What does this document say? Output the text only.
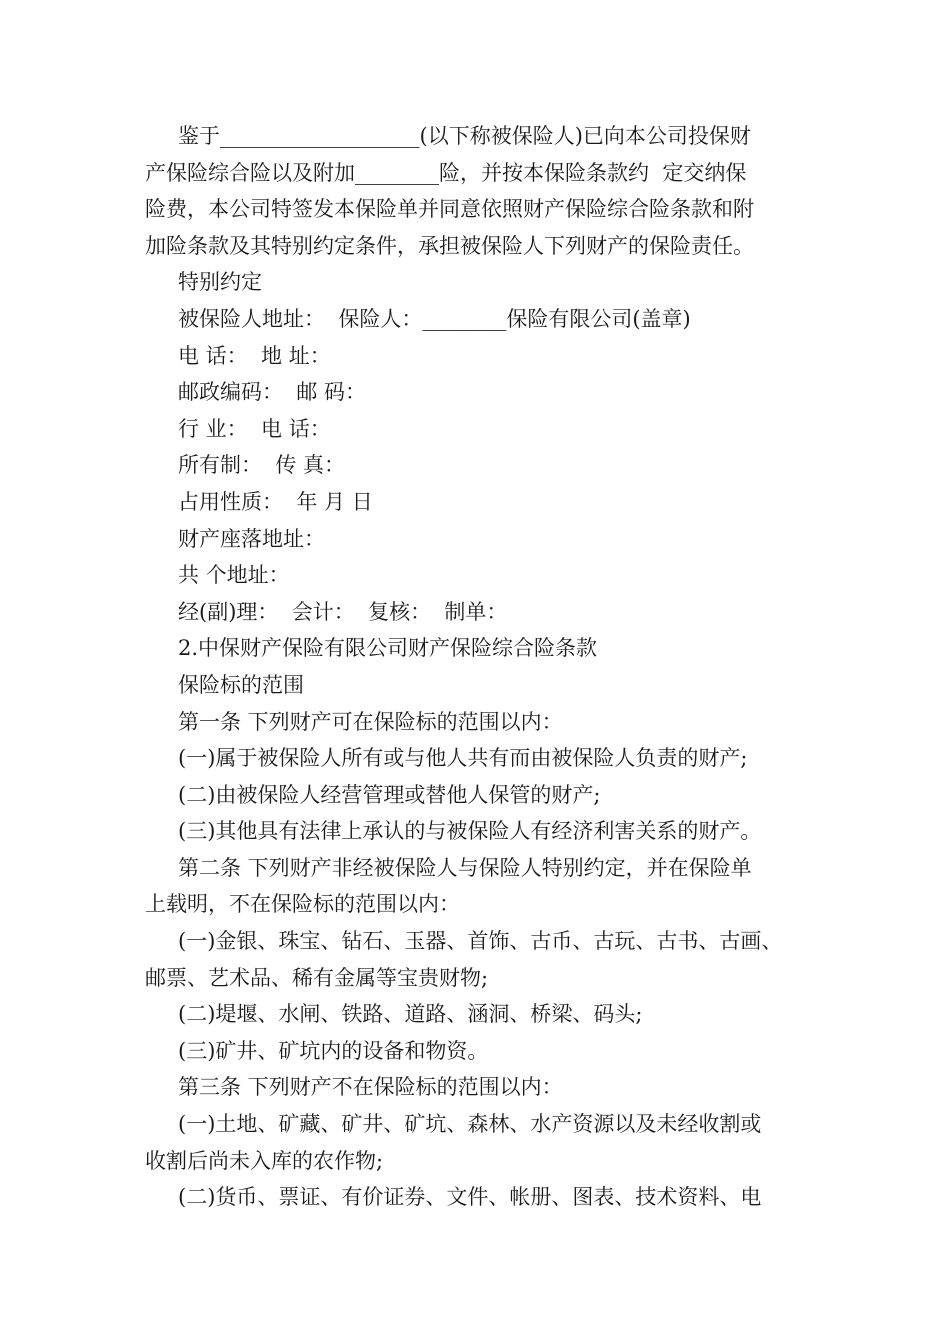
鉴于___________________(以下称被保险人)已向本公司投保财
产保险综合险以及附加________险，并按本保险条款约  定交纳保
险费，本公司特签发本保险单并同意依照财产保险综合险条款和附
加险条款及其特别约定条件，承担被保险人下列财产的保险责任。
特别约定
被保险人地址：  保险人：________保险有限公司(盖章)
电 话：  地 址：
邮政编码：  邮 码：
行 业：  电 话：
所有制：  传 真：
占用性质：  年 月 日
财产座落地址：
共 个地址：
经(副)理：  会计：  复核：  制单：
2.中保财产保险有限公司财产保险综合险条款
保险标的范围
第一条 下列财产可在保险标的范围以内：
(一)属于被保险人所有或与他人共有而由被保险人负责的财产;
(二)由被保险人经营管理或替他人保管的财产;
(三)其他具有法律上承认的与被保险人有经济利害关系的财产。
第二条 下列财产非经被保险人与保险人特别约定，并在保险单
上载明，不在保险标的范围以内：
(一)金银、珠宝、钻石、玉器、首饰、古币、古玩、古书、古画、
邮票、艺术品、稀有金属等宝贵财物;
(二)堤堰、水闸、铁路、道路、涵洞、桥梁、码头;
(三)矿井、矿坑内的设备和物资。
第三条 下列财产不在保险标的范围以内：
(一)土地、矿藏、矿井、矿坑、森林、水产资源以及未经收割或
收割后尚未入库的农作物;
(二)货币、票证、有价证券、文件、帐册、图表、技术资料、电
